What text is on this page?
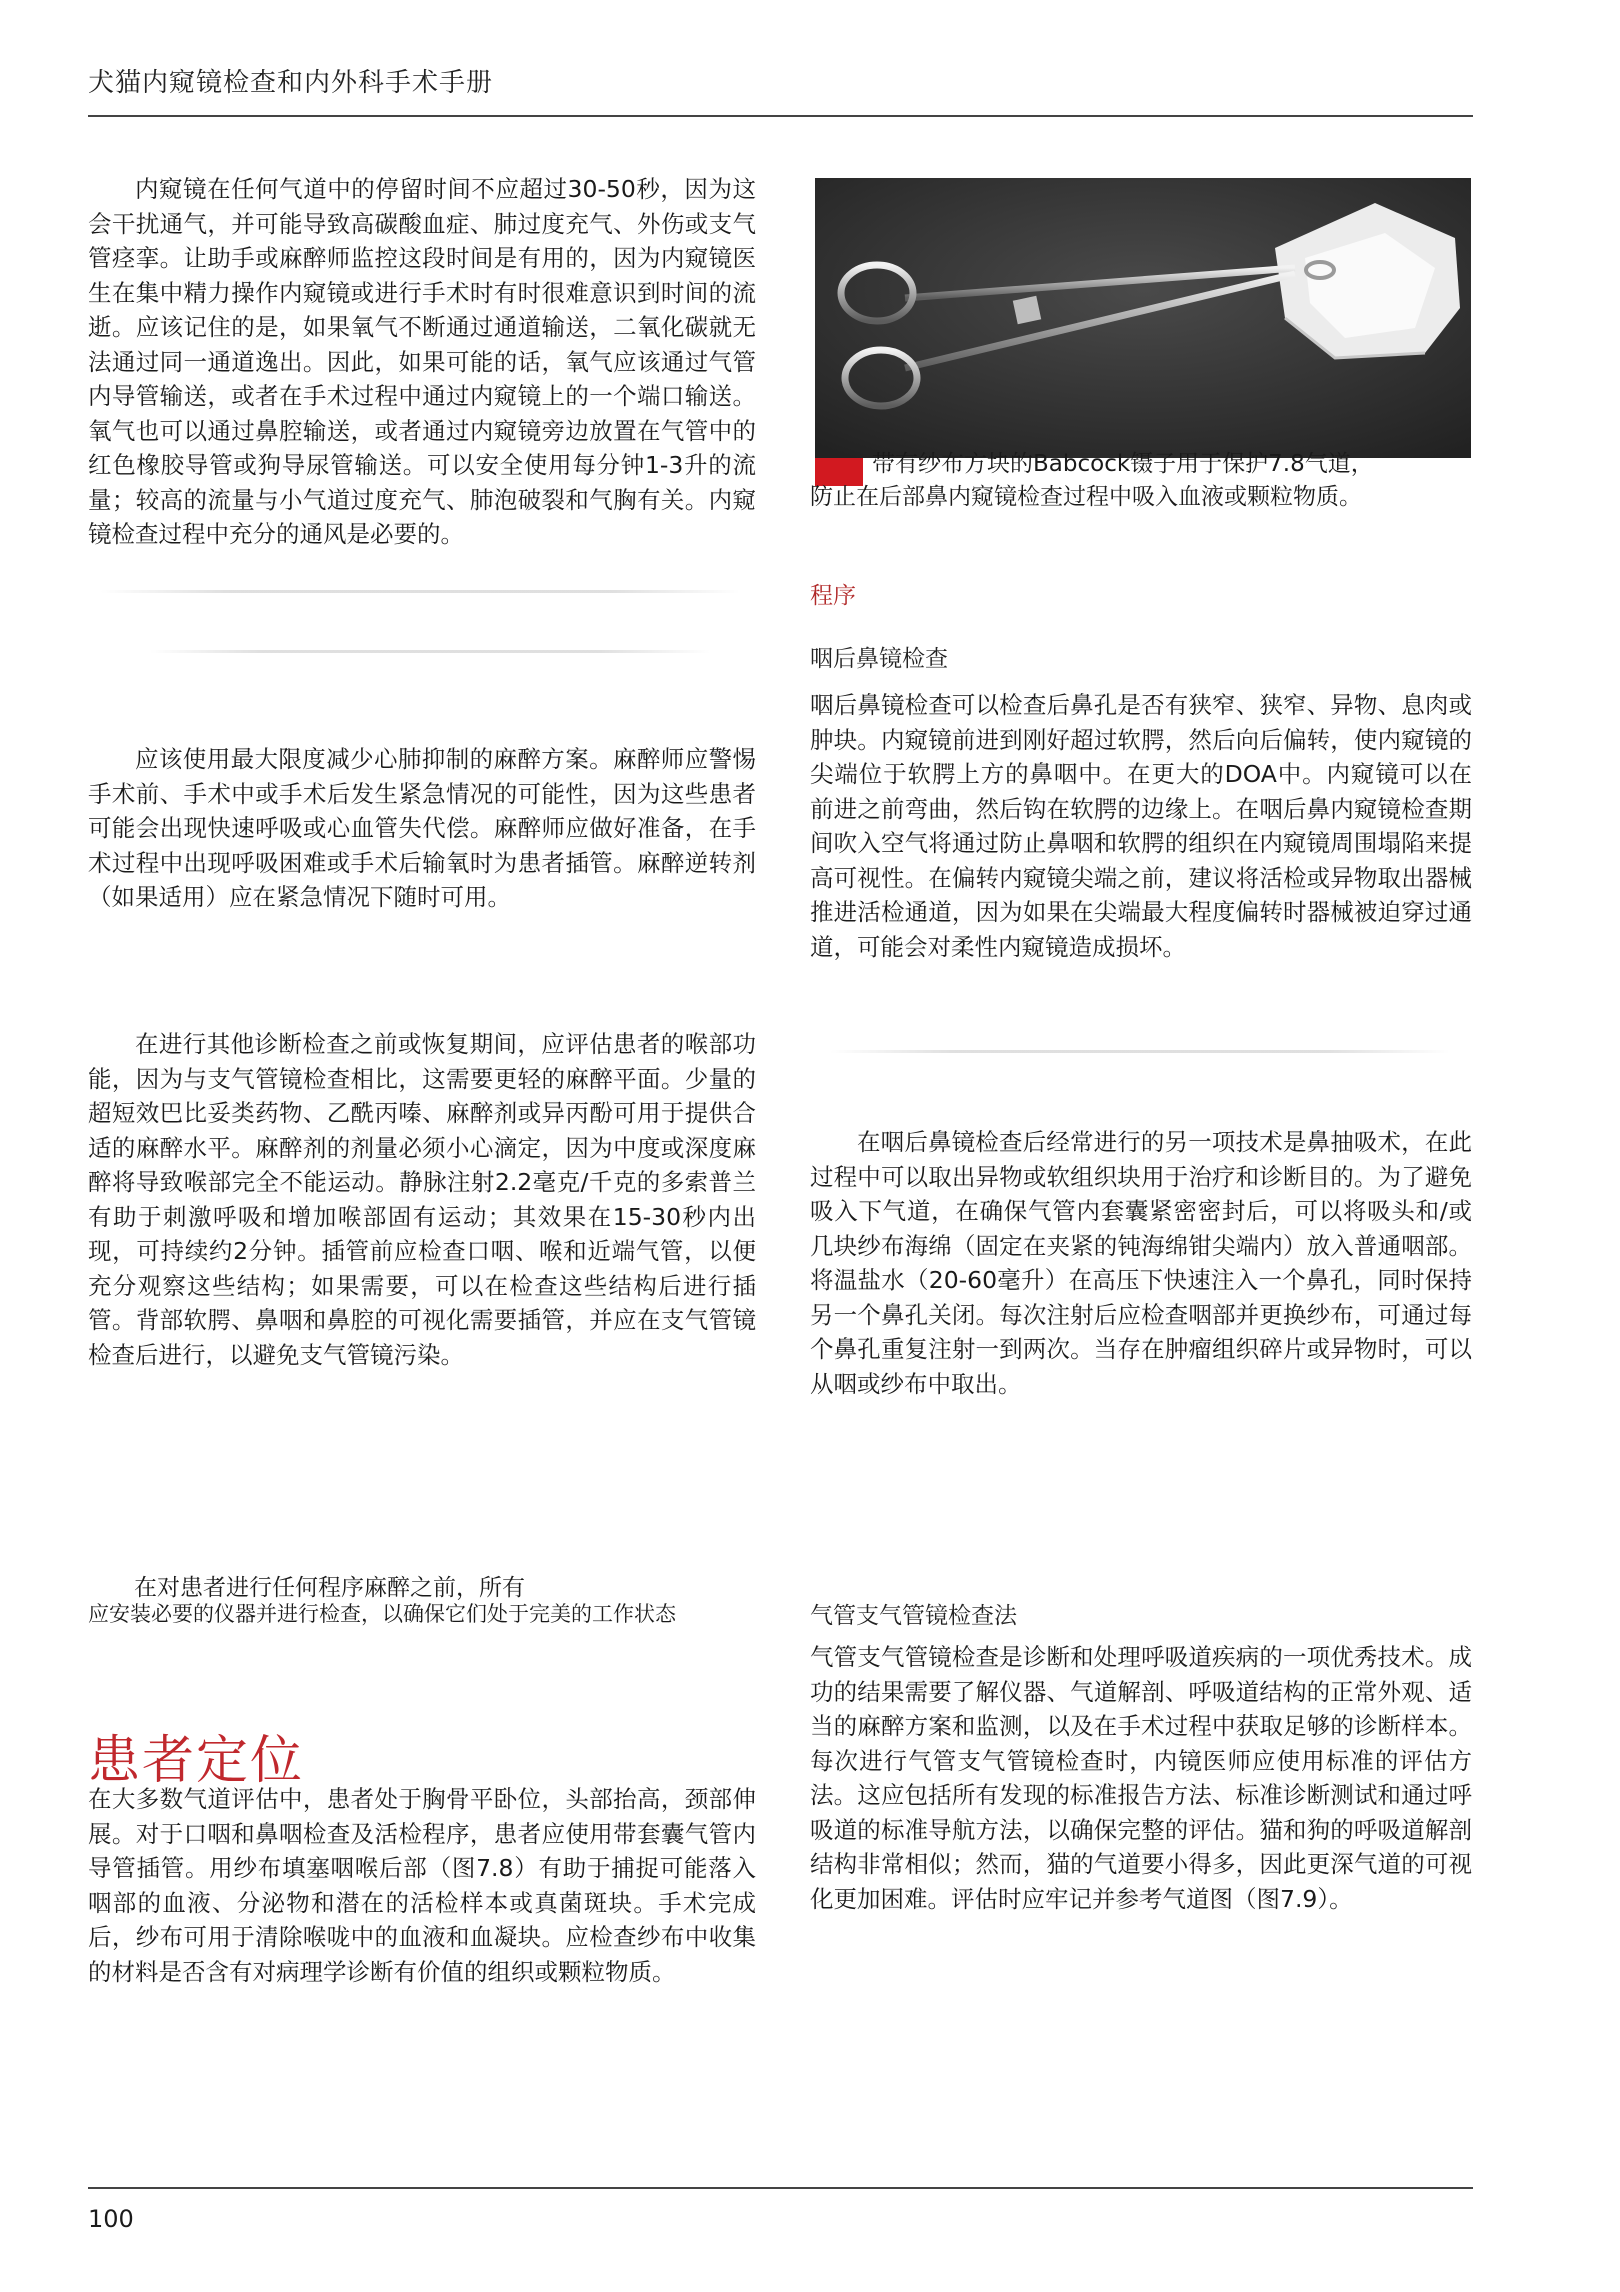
犬猫内窥镜检查和内外科手术手册

内窥镜在任何气道中的停留时间不应超过30-50秒，因为这会干扰通气，并可能导致高碳酸血症、肺过度充气、外伤或支气管痉挛。让助手或麻醉师监控这段时间是有用的，因为内窥镜医生在集中精力操作内窥镜或进行手术时有时很难意识到时间的流逝。应该记住的是，如果氧气不断通过通道输送，二氧化碳就无法通过同一通道逸出。因此，如果可能的话，氧气应该通过气管内导管输送，或者在手术过程中通过内窥镜上的一个端口输送。氧气也可以通过鼻腔输送，或者通过内窥镜旁边放置在气管中的红色橡胶导管或狗导尿管输送。可以安全使用每分钟1-3升的流量；较高的流量与小气道过度充气、肺泡破裂和气胸有关。内窥镜检查过程中充分的通风是必要的。

应该使用最大限度减少心肺抑制的麻醉方案。麻醉师应警惕手术前、手术中或手术后发生紧急情况的可能性，因为这些患者可能会出现快速呼吸或心血管失代偿。麻醉师应做好准备，在手术过程中出现呼吸困难或手术后输氧时为患者插管。麻醉逆转剂（如果适用）应在紧急情况下随时可用。

在进行其他诊断检查之前或恢复期间，应评估患者的喉部功能，因为与支气管镜检查相比，这需要更轻的麻醉平面。少量的超短效巴比妥类药物、乙酰丙嗪、麻醉剂或异丙酚可用于提供合适的麻醉水平。麻醉剂的剂量必须小心滴定，因为中度或深度麻醉将导致喉部完全不能运动。静脉注射2.2毫克/千克的多索普兰有助于刺激呼吸和增加喉部固有运动；其效果在15-30秒内出现，可持续约2分钟。插管前应检查口咽、喉和近端气管，以便充分观察这些结构；如果需要，可以在检查这些结构后进行插管。背部软腭、鼻咽和鼻腔的可视化需要插管，并应在支气管镜检查后进行，以避免支气管镜污染。

在对患者进行任何程序麻醉之前，所有
应安装必要的仪器并进行检查，以确保它们处于完美的工作状态
患者定位

在大多数气道评估中，患者处于胸骨平卧位，头部抬高，颈部伸展。对于口咽和鼻咽检查及活检程序，患者应使用带套囊气管内导管插管。用纱布填塞咽喉后部（图7.8）有助于捕捉可能落入咽部的血液、分泌物和潜在的活检样本或真菌斑块。手术完成后，纱布可用于清除喉咙中的血液和血凝块。应检查纱布中收集的材料是否含有对病理学诊断有价值的组织或颗粒物质。

带有纱布方块的Babcock镊子用于保护7.8气道，
防止在后部鼻内窥镜检查过程中吸入血液或颗粒物质。
程序
咽后鼻镜检查

咽后鼻镜检查可以检查后鼻孔是否有狭窄、狭窄、异物、息肉或肿块。内窥镜前进到刚好超过软腭，然后向后偏转，使内窥镜的尖端位于软腭上方的鼻咽中。在更大的DOA中。内窥镜可以在前进之前弯曲，然后钩在软腭的边缘上。在咽后鼻内窥镜检查期间吹入空气将通过防止鼻咽和软腭的组织在内窥镜周围塌陷来提高可视性。在偏转内窥镜尖端之前，建议将活检或异物取出器械推进活检通道，因为如果在尖端最大程度偏转时器械被迫穿过通道，可能会对柔性内窥镜造成损坏。

在咽后鼻镜检查后经常进行的另一项技术是鼻抽吸术，在此过程中可以取出异物或软组织块用于治疗和诊断目的。为了避免吸入下气道，在确保气管内套囊紧密密封后，可以将吸头和/或几块纱布海绵（固定在夹紧的钝海绵钳尖端内）放入普通咽部。将温盐水（20-60毫升）在高压下快速注入一个鼻孔，同时保持另一个鼻孔关闭。每次注射后应检查咽部并更换纱布，可通过每个鼻孔重复注射一到两次。当存在肿瘤组织碎片或异物时，可以从咽或纱布中取出。

气管支气管镜检查法

气管支气管镜检查是诊断和处理呼吸道疾病的一项优秀技术。成功的结果需要了解仪器、气道解剖、呼吸道结构的正常外观、适当的麻醉方案和监测，以及在手术过程中获取足够的诊断样本。每次进行气管支气管镜检查时，内镜医师应使用标准的评估方法。这应包括所有发现的标准报告方法、标准诊断测试和通过呼吸道的标准导航方法，以确保完整的评估。猫和狗的呼吸道解剖结构非常相似；然而，猫的气道要小得多，因此更深气道的可视化更加困难。评估时应牢记并参考气道图（图7.9）。

100
